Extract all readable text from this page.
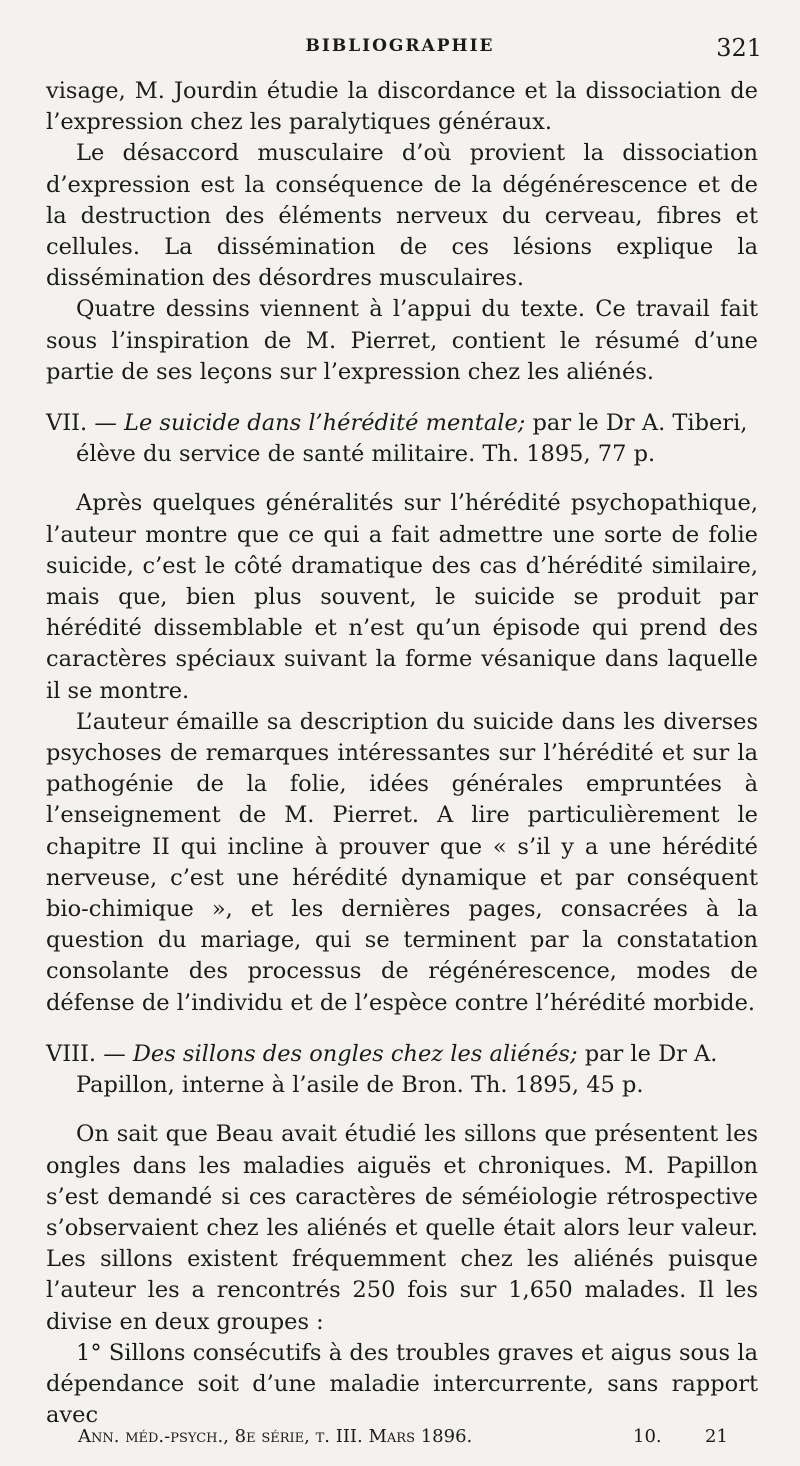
BIBLIOGRAPHIE	321

visage, M. Jourdin étudie la discordance et la dissociation de l’expression chez les paralytiques généraux.

Le désaccord musculaire d’où provient la dissociation d’expression est la conséquence de la dégénérescence et de la destruction des éléments nerveux du cerveau, fibres et cellules. La dissémination de ces lésions explique la dissémination des désordres musculaires.

Quatre dessins viennent à l’appui du texte. Ce travail fait sous l’inspiration de M. Pierret, contient le résumé d’une partie de ses leçons sur l’expression chez les aliénés.

VII. — Le suicide dans l’hérédité mentale; par le Dr A. Tiberi, élève du service de santé militaire. Th. 1895, 77 p.

Après quelques généralités sur l’hérédité psychopathique, l’auteur montre que ce qui a fait admettre une sorte de folie suicide, c’est le côté dramatique des cas d’hérédité similaire, mais que, bien plus souvent, le suicide se produit par hérédité dissemblable et n’est qu’un épisode qui prend des caractères spéciaux suivant la forme vésanique dans laquelle il se montre.

L’auteur émaille sa description du suicide dans les diverses psychoses de remarques intéressantes sur l’hérédité et sur la pathogénie de la folie, idées générales empruntées à l’enseignement de M. Pierret. A lire particulièrement le chapitre II qui incline à prouver que « s’il y a une hérédité nerveuse, c’est une hérédité dynamique et par conséquent bio-chimique », et les dernières pages, consacrées à la question du mariage, qui se terminent par la constatation consolante des processus de régénérescence, modes de défense de l’individu et de l’espèce contre l’hérédité morbide.

VIII. — Des sillons des ongles chez les aliénés; par le Dr A. Papillon, interne à l’asile de Bron. Th. 1895, 45 p.

On sait que Beau avait étudié les sillons que présentent les ongles dans les maladies aiguës et chroniques. M. Papillon s’est demandé si ces caractères de séméiologie rétrospective s’observaient chez les aliénés et quelle était alors leur valeur. Les sillons existent fréquemment chez les aliénés puisque l’auteur les a rencontrés 250 fois sur 1,650 malades. Il les divise en deux groupes :

1° Sillons consécutifs à des troubles graves et aigus sous la dépendance soit d’une maladie intercurrente, sans rapport avec

Ann. méd.-psych., 8e série, t. III. Mars 1896.	10. 21
